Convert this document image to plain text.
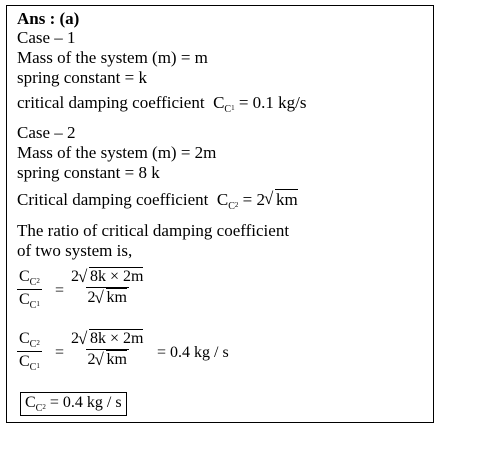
Ans : (a)
Case – 1
Mass of the system (m) = m
spring constant = k
critical damping coefficient $C_C1 = 0.1$ kg/s
Case – 2
Mass of the system (m) = 2m
spring constant = 8 k
Critical damping coefficient $C_C2 = 2√$ km
The ratio of critical damping coefficient
of two system is,
$\frac{C_C2}{C_C1} = \frac{2√ 8k \times 2m}{2√ km}$
$\frac{C_C2}{C_C1} = \frac{2√ 8k \times 2m}{2√ km} = 0.4$ kg / s
$C_C2 = 0.4$ kg / s
